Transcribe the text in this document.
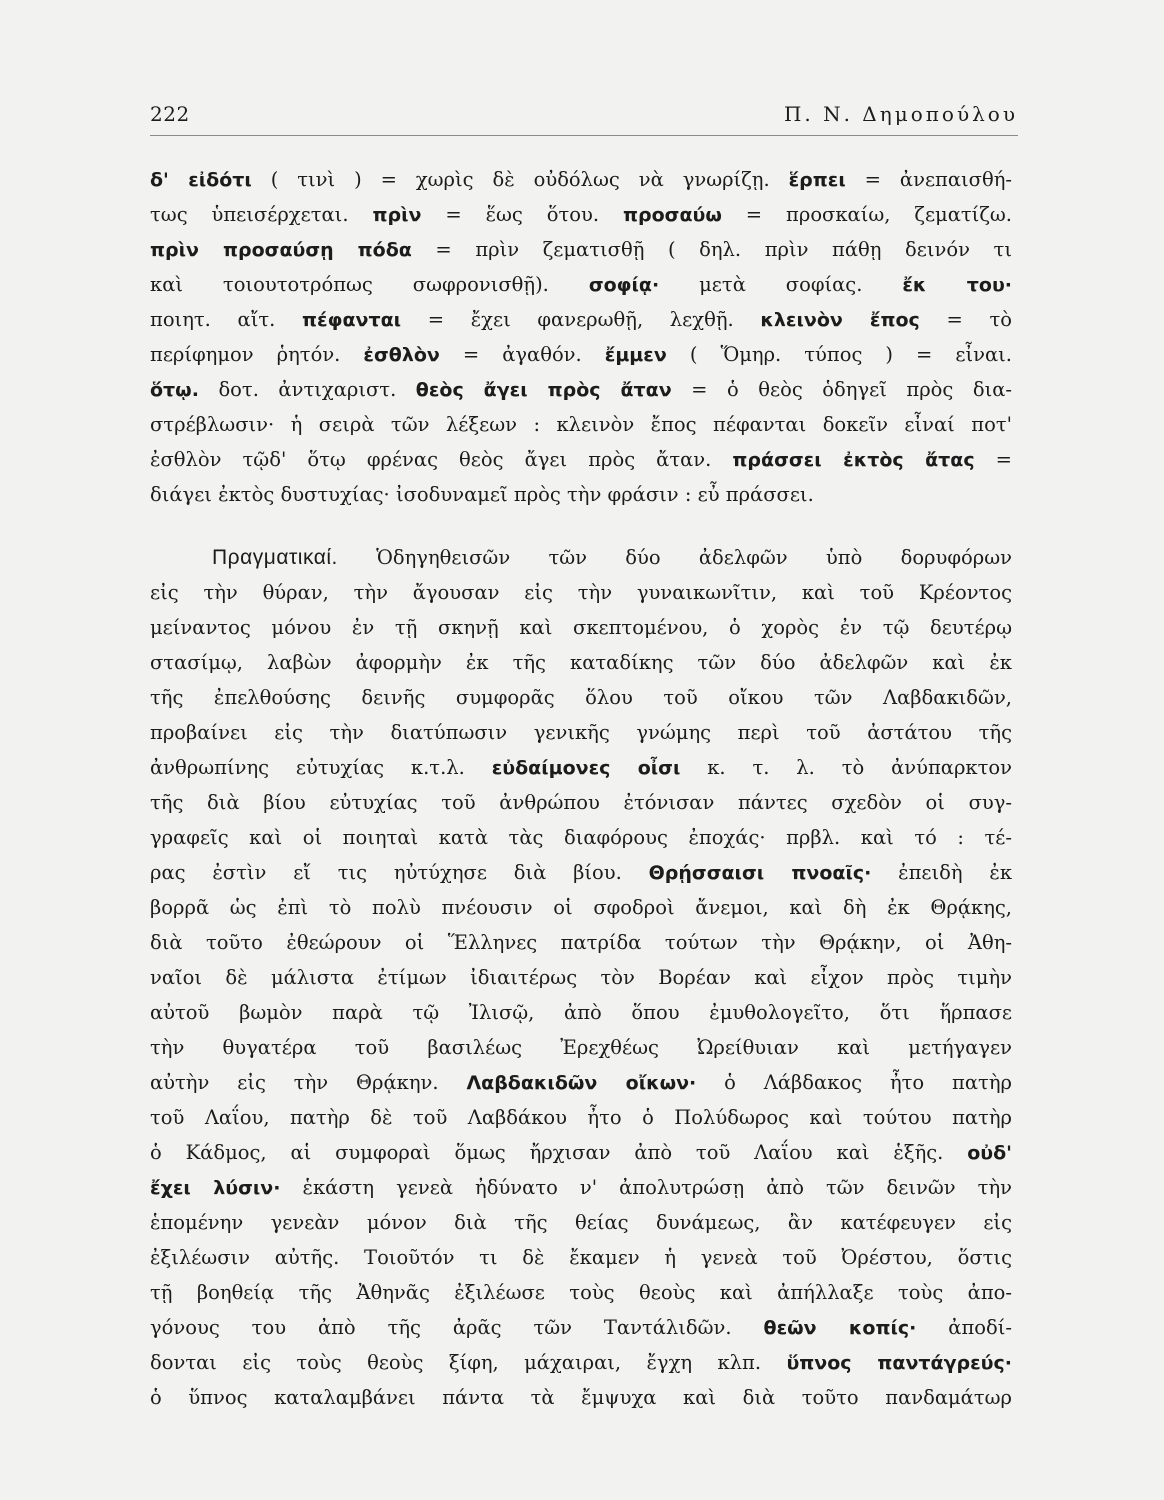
222	Π. Ν. Δημοπούλου
δ' εἰδότι ( τινὶ ) = χωρὶς δὲ οὐδόλως νὰ γνωρίζῃ. ἕρπει = ἀνεπαισθή-
τως ὑπεισέρχεται. πρὶν = ἕως ὅτου. προσαύω = προσκαίω, ζεματίζω.
πρὶν προσαύσῃ πόδα = πρὶν ζεματισθῇ ( δηλ. πρὶν πάθῃ δεινόν τι
καὶ τοιουτοτρόπως σωφρονισθῇ). σοφίᾳ· μετὰ σοφίας. ἔκ του·
ποιητ. αἴτ. πέφανται = ἔχει φανερωθῇ, λεχθῇ. κλεινὸν ἔπος = τὸ
περίφημον ῥητόν. ἐσθλὸν = ἀγαθόν. ἔμμεν ( Ὅμηρ. τύπος ) = εἶναι.
ὅτῳ. δοτ. ἀντιχαριστ. θεὸς ἄγει πρὸς ἄταν = ὁ θεὸς ὁδηγεῖ πρὸς δια-
στρέβλωσιν· ἡ σειρὰ τῶν λέξεων : κλεινὸν ἔπος πέφανται δοκεῖν εἶναί ποτ'
ἐσθλὸν τῷδ' ὅτῳ φρένας θεὸς ἄγει πρὸς ἄταν. πράσσει ἐκτὸς ἄτας =
διάγει ἐκτὸς δυστυχίας· ἰσοδυναμεῖ πρὸς τὴν φράσιν : εὖ πράσσει.
Πραγματικαί. Ὁδηγηθεισῶν τῶν δύο ἀδελφῶν ὑπὸ δορυφόρων
εἰς τὴν θύραν, τὴν ἄγουσαν εἰς τὴν γυναικωνῖτιν, καὶ τοῦ Κρέοντος
μείναντος μόνου ἐν τῇ σκηνῇ καὶ σκεπτομένου, ὁ χορὸς ἐν τῷ δευτέρῳ
στασίμῳ, λαβὼν ἀφορμὴν ἐκ τῆς καταδίκης τῶν δύο ἀδελφῶν καὶ ἐκ
τῆς ἐπελθούσης δεινῆς συμφορᾶς ὅλου τοῦ οἴκου τῶν Λαβδακιδῶν,
προβαίνει εἰς τὴν διατύπωσιν γενικῆς γνώμης περὶ τοῦ ἀστάτου τῆς
ἀνθρωπίνης εὐτυχίας κ.τ.λ. εὐδαίμονες οἶσι κ. τ. λ. τὸ ἀνύπαρκτον
τῆς διὰ βίου εὐτυχίας τοῦ ἀνθρώπου ἐτόνισαν πάντες σχεδὸν οἱ συγ-
γραφεῖς καὶ οἱ ποιηταὶ κατὰ τὰς διαφόρους ἐποχάς· πρβλ. καὶ τό : τέ-
ρας ἐστὶν εἴ τις ηὐτύχησε διὰ βίου. Θρῄσσαισι πνοαῖς· ἐπειδὴ ἐκ
βορρᾶ ὡς ἐπὶ τὸ πολὺ πνέουσιν οἱ σφοδροὶ ἄνεμοι, καὶ δὴ ἐκ Θρᾴκης,
διὰ τοῦτο ἐθεώρουν οἱ Ἕλληνες πατρίδα τούτων τὴν Θρᾴκην, οἱ Ἀθη-
ναῖοι δὲ μάλιστα ἐτίμων ἰδιαιτέρως τὸν Βορέαν καὶ εἶχον πρὸς τιμὴν
αὐτοῦ βωμὸν παρὰ τῷ Ἰλισῷ, ἀπὸ ὅπου ἐμυθολογεῖτο, ὅτι ἥρπασε
τὴν θυγατέρα τοῦ βασιλέως Ἐρεχθέως Ὠρείθυιαν καὶ μετήγαγεν
αὐτὴν εἰς τὴν Θρᾴκην. Λαβδακιδῶν οἴκων· ὁ Λάβδακος ἦτο πατὴρ
τοῦ Λαΐου, πατὴρ δὲ τοῦ Λαβδάκου ἦτο ὁ Πολύδωρος καὶ τούτου πατὴρ
ὁ Κάδμος, αἱ συμφοραὶ ὅμως ἤρχισαν ἀπὸ τοῦ Λαΐου καὶ ἑξῆς. οὐδ'
ἔχει λύσιν· ἑκάστη γενεὰ ἠδύνατο ν' ἀπολυτρώσῃ ἀπὸ τῶν δεινῶν τὴν
ἑπομένην γενεὰν μόνον διὰ τῆς θείας δυνάμεως, ἂν κατέφευγεν εἰς
ἐξιλέωσιν αὐτῆς. Τοιοῦτόν τι δὲ ἔκαμεν ἡ γενεὰ τοῦ Ὀρέστου, ὅστις
τῇ βοηθείᾳ τῆς Ἀθηνᾶς ἐξιλέωσε τοὺς θεοὺς καὶ ἀπήλλαξε τοὺς ἀπο-
γόνους του ἀπὸ τῆς ἀρᾶς τῶν Ταντάλιδῶν. θεῶν κοπίς· ἀποδί-
δονται εἰς τοὺς θεοὺς ξίφη, μάχαιραι, ἔγχη κλπ. ὕπνος παντάγρεύς·
ὁ ὕπνος καταλαμβάνει πάντα τὰ ἔμψυχα καὶ διὰ τοῦτο πανδαμάτωρ
